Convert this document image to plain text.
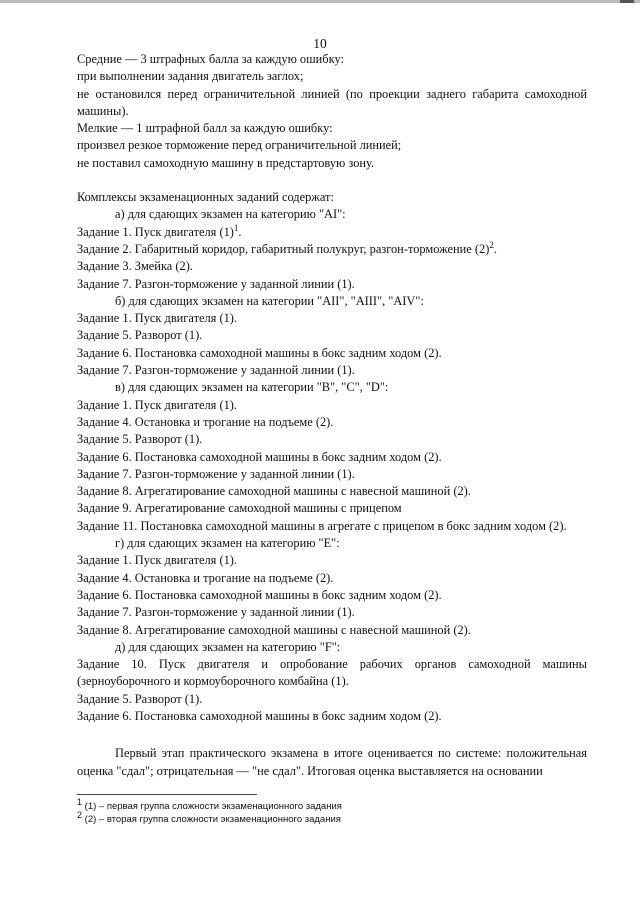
10
Средние — 3 штрафных балла за каждую ошибку:
при выполнении задания двигатель заглох;
не остановился перед ограничительной линией (по проекции заднего габарита самоходной машины).
Мелкие — 1 штрафной балл за каждую ошибку:
произвел резкое торможение перед ограничительной линией;
не поставил самоходную машину в предстартовую зону.
Комплексы экзаменационных заданий содержат:
а) для сдающих экзамен на категорию "AI":
Задание 1. Пуск двигателя $(1)^1$.
Задание 2. Габаритный коридор, габаритный полукруг, разгон-торможение $(2)^2$.
Задание 3. Змейка (2).
Задание 7. Разгон-торможение у заданной линии (1).
б) для сдающих экзамен на категории "AII", "AIII", "AIV":
Задание 1. Пуск двигателя (1).
Задание 5. Разворот (1).
Задание 6. Постановка самоходной машины в бокс задним ходом (2).
Задание 7. Разгон-торможение у заданной линии (1).
в) для сдающих экзамен на категории "B", "C", "D":
Задание 1. Пуск двигателя (1).
Задание 4. Остановка и трогание на подъеме (2).
Задание 5. Разворот (1).
Задание 6. Постановка самоходной машины в бокс задним ходом (2).
Задание 7. Разгон-торможение у заданной линии (1).
Задание 8. Агрегатирование самоходной машины с навесной машиной (2).
Задание 9. Агрегатирование самоходной машины с прицепом
Задание 11. Постановка самоходной машины в агрегате с прицепом в бокс задним ходом (2).
г) для сдающих экзамен на категорию "E":
Задание 1. Пуск двигателя (1).
Задание 4. Остановка и трогание на подъеме (2).
Задание 6. Постановка самоходной машины в бокс задним ходом (2).
Задание 7. Разгон-торможение у заданной линии (1).
Задание 8. Агрегатирование самоходной машины с навесной машиной (2).
д) для сдающих экзамен на категорию "F":
Задание 10. Пуск двигателя и опробование рабочих органов самоходной машины
(зерноуборочного и кормоуборочного комбайна (1).
Задание 5. Разворот (1).
Задание 6. Постановка самоходной машины в бокс задним ходом (2).
Первый этап практического экзамена в итоге оценивается по системе: положительная оценка "сдал"; отрицательная — "не сдал". Итоговая оценка выставляется на основании
$^1$ (1) – первая группа сложности экзаменационного задания
$^2$ (2) – вторая группа сложности экзаменационного задания
